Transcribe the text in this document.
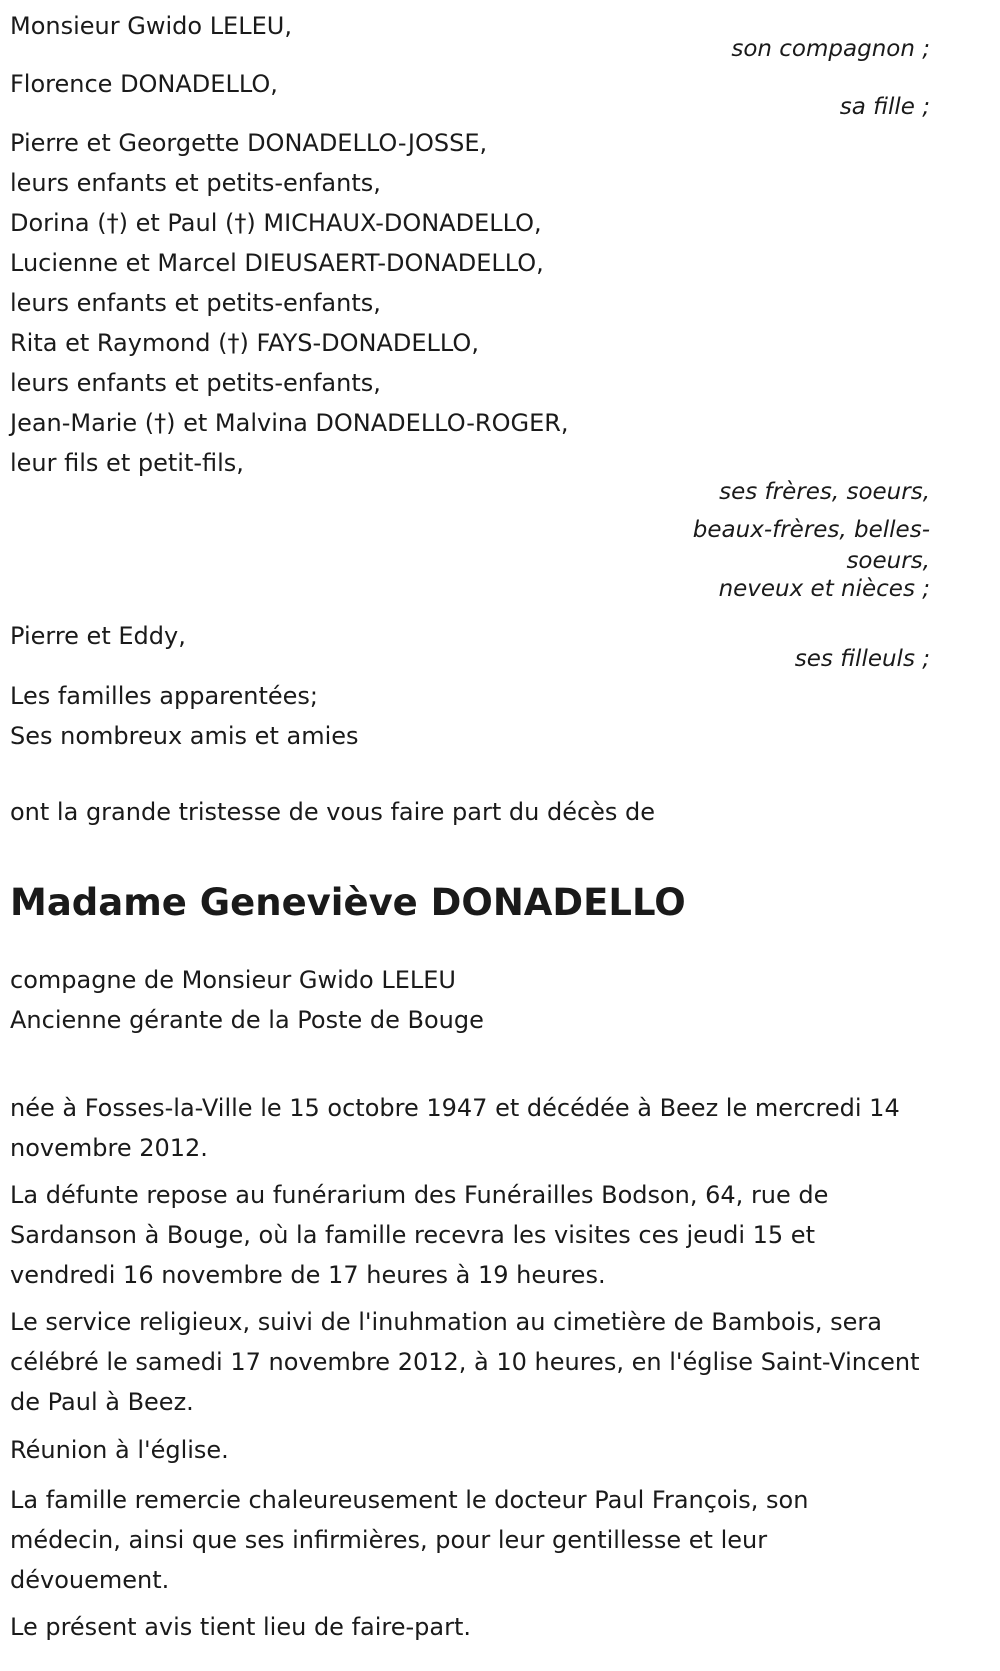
Monsieur Gwido LELEU,
son compagnon ;
Florence DONADELLO,
sa fille ;
Pierre et Georgette DONADELLO-JOSSE,
leurs enfants et petits-enfants,
Dorina (†) et Paul (†) MICHAUX-DONADELLO,
Lucienne et Marcel DIEUSAERT-DONADELLO,
leurs enfants et petits-enfants,
Rita et Raymond (†) FAYS-DONADELLO,
leurs enfants et petits-enfants,
Jean-Marie (†) et Malvina DONADELLO-ROGER,
leur fils et petit-fils,
ses frères, soeurs,
beaux-frères, belles-
soeurs,
neveux et nièces ;
Pierre et Eddy,
ses filleuls ;
Les familles apparentées;
Ses nombreux amis et amies
ont la grande tristesse de vous faire part du décès de
Madame Geneviève DONADELLO
compagne de Monsieur Gwido LELEU
Ancienne gérante de la Poste de Bouge
née à Fosses-la-Ville le 15 octobre 1947 et décédée à Beez le mercredi 14
novembre 2012.
La défunte repose au funérarium des Funérailles Bodson, 64, rue de
Sardanson à Bouge, où la famille recevra les visites ces jeudi 15 et
vendredi 16 novembre de 17 heures à 19 heures.
Le service religieux, suivi de l'inuhmation au cimetière de Bambois, sera
célébré le samedi 17 novembre 2012, à 10 heures, en l'église Saint-Vincent
de Paul à Beez.
Réunion à l'église.
La famille remercie chaleureusement le docteur Paul François, son
médecin, ainsi que ses infirmières, pour leur gentillesse et leur
dévouement.
Le présent avis tient lieu de faire-part.
